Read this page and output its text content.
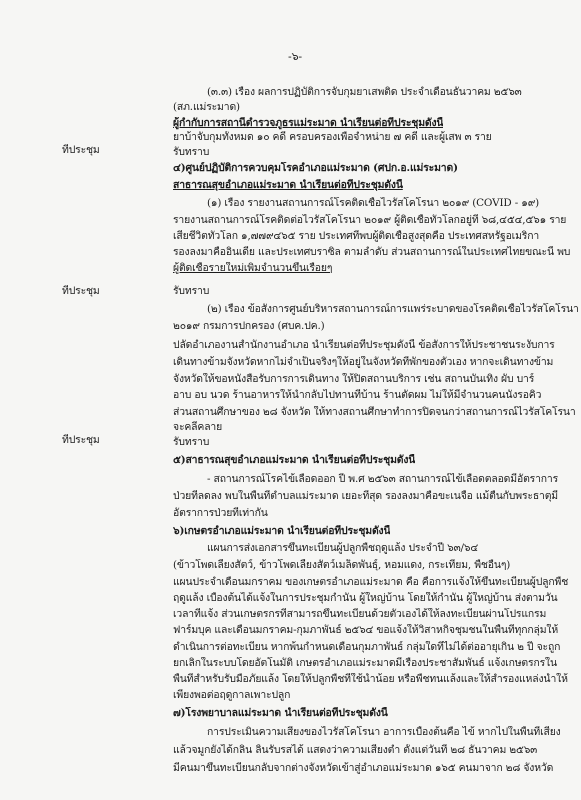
-๖-
ที่ประชุม
ที่ประชุม
ที่ประชุม
(๓.๓) เรื่อง ผลการปฏิบัติการจับกุมยาเสพติด ประจำเดือนธันวาคม ๒๕๖๓
(สภ.แม่ระมาด)
ผู้กำกับการสถานีตำรวจภูธรแม่ระมาด นำเรียนต่อที่ประชุมดังนี้
ยาบ้าจับกุมทั้งหมด ๑๐ คดี ครอบครองเพื่อจำหน่าย ๗ คดี และผู้เสพ ๓ ราย
รับทราบ
๔)ศูนย์ปฏิบัติการควบคุมโรคอำเภอแม่ระมาด (ศปก.อ.แม่ระมาด)
สาธารณสุขอำเภอแม่ระมาด นำเรียนต่อที่ประชุมดังนี้
(๑) เรื่อง รายงานสถานการณ์โรคติดเชื้อไวรัสโคโรนา ๒๐๑๙ (COVID - ๑๙)
รายงานสถานการณ์โรคติดต่อไวรัสโคโรนา ๒๐๑๙ ผู้ติดเชื้อทั่วโลกอยู่ที่ ๖๘,๔๕๔,๕๖๑ ราย
เสียชีวิตทั่วโลก ๑,๗๗๙๔๖๕ ราย ประเทศที่พบผู้ติดเชื้อสูงสุดคือ ประเทศสหรัฐอเมริกา
รองลงมาคืออินเดีย และประเทศบราซิล ตามลำดับ ส่วนสถานการณ์ในประเทศไทยขณะนี้ พบ
ผู้ติดเชื้อรายใหม่เพิ่มจำนวนขึ้นเรื่อยๆ
รับทราบ
(๒) เรื่อง ข้อสั่งการศูนย์บริหารสถานการณ์การแพร่ระบาดของโรคติดเชื้อไวรัสโคโรนา
๒๐๑๙ กรมการปกครอง (ศบค.ปค.)
ปลัดอำเภองานสำนักงานอำเภอ นำเรียนต่อที่ประชุมดังนี้ ข้อสั่งการให้ประชาชนระงับการ
เดินทางข้ามจังหวัดหากไม่จำเป็นจริงๆให้อยู่ในจังหวัดที่พักของตัวเอง หากจะเดินทางข้าม
จังหวัดให้ขอหนังสือรับการการเดินทาง ให้ปิดสถานบริการ เช่น สถานบันเทิง ผับ บาร์
อาบ อบ นวด ร้านอาหารให้นำกลับไปทานที่บ้าน ร้านตัดผม ไม่ให้มีจำนวนคนนั่งรอคิว
ส่วนสถานศึกษาของ ๒๘ จังหวัด ให้ทางสถานศึกษาทำการปิดจนกว่าสถานการณ์ไวรัสโคโรนา
จะคลี่คลาย
รับทราบ
๕)สาธารณสุขอำเภอแม่ระมาด นำเรียนต่อที่ประชุมดังนี้
- สถานการณ์โรคไข้เลือดออก ปี พ.ศ ๒๕๖๓ สถานการณ์ไข้เลือดตลอดมีอัตราการ
ป่วยที่ลดลง พบในพื้นที่ตำบลแม่ระมาด เยอะที่สุด รองลงมาคือขะเนจื้อ แม้ตื่นกับพระธาตุมี
อัตราการป่วยที่เท่ากัน
๖)เกษตรอำเภอแม่ระมาด นำเรียนต่อที่ประชุมดังนี้
แผนการส่งเอกสารขึ้นทะเบียนผู้ปลูกพืชฤดูแล้ง ประจำปี ๖๓/๖๔
(ข้าวโพดเลี้ยงสัตว์, ข้าวโพดเลี้ยงสัตว์เมล็ดพันธุ์, หอมแดง, กระเทียม, พืชอื่นๆ)
แผนประจำเดือนมกราคม ของเกษตรอำเภอแม่ระมาด คือ คือการแจ้งให้ขึ้นทะเบียนผู้ปลูกพืช
ฤดูแล้ง เบื้องต้นได้แจ้งในการประชุมกำนัน ผู้ใหญ่บ้าน โดยให้กำนัน ผู้ใหญ่บ้าน ส่งตามวัน
เวลาที่แจ้ง ส่วนเกษตรกรที่สามารถขึ้นทะเบียนด้วยตัวเองได้ให้ลงทะเบียนผ่านโปรแกรม
ฟาร์มบุค และเดือนมกราคม-กุมภาพันธ์ ๒๕๖๔ ขอแจ้งให้วิสาหกิจชุมชนในพื้นที่ทุกกลุ่มให้
ดำเนินการต่อทะเบียน หากพ้นกำหนดเดือนกุมภาพันธ์ กลุ่มใดที่ไม่ได้ต่ออายุเกิน ๒ ปี จะถูก
ยกเลิกในระบบโดยอัตโนมัติ เกษตรอำเภอแม่ระมาดมีเรื่องประชาสัมพันธ์ แจ้งเกษตรกรใน
พื้นที่สำหรับรับมือภัยแล้ง โดยให้ปลูกพืชที่ใช้น้ำน้อย หรือพืชทนแล้งและให้สำรองแหล่งน้ำให้
เพียงพอต่อฤดูกาลเพาะปลูก
๗)โรงพยาบาลแม่ระมาด นำเรียนต่อที่ประชุมดังนี้
การประเมินความเสี่ยงของไวรัสโคโรนา อาการเบื้องต้นคือ ไข้ หากไปในพื้นที่เสี่ยง
แล้วจมูกยังได้กลิ่น ลิ้นรับรสได้ แสดงว่าความเสี่ยงต่ำ ตั้งแต่วันที่ ๒๘ ธันวาคม ๒๕๖๓
มีคนมาขึ้นทะเบียนกลับจากต่างจังหวัดเข้าสู่อำเภอแม่ระมาด ๑๖๕ คนมาจาก ๒๘ จังหวัด
